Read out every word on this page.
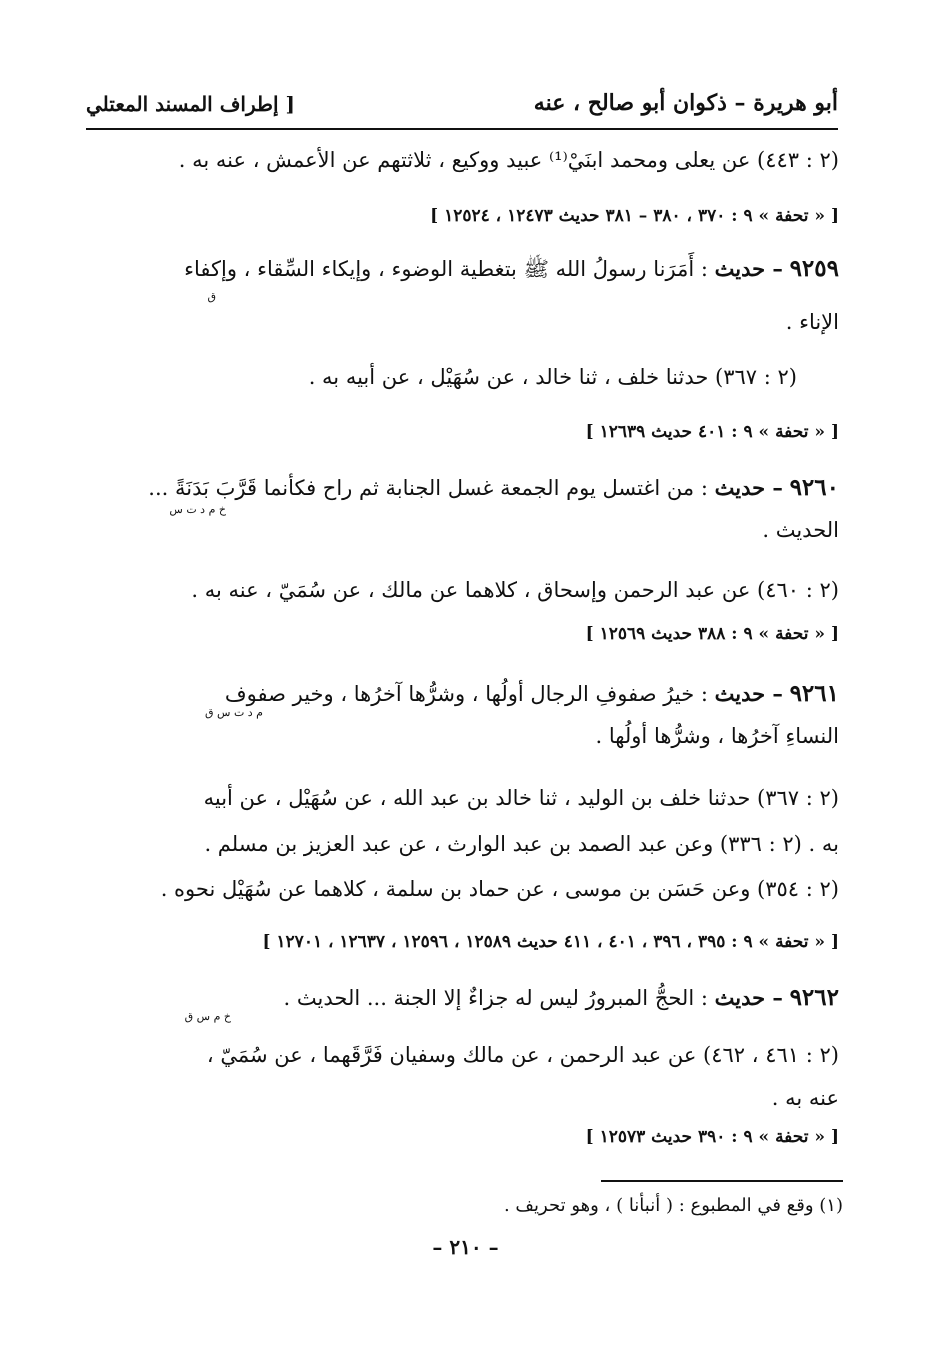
أبو هريرة – ذكوان أبو صالح ، عنه
[ إطراف المسند المعتلي
(٢ : ٤٤٣) عن يعلى ومحمد ابنَيْ⁽¹⁾ عبيد ووكيع ، ثلاثتهم عن الأعمش ، عنه به .
[ « تحفة » ٩ : ٣٧٠ ، ٣٨٠ – ٣٨١ حديث ١٢٤٧٣ ، ١٢٥٢٤ ]
٩٢٥٩ – حديث : أَمَرَنا رسولُ الله ﷺ بتغطية الوضوء ، وإيكاء السِّقاء ، وإكفاء
ق
الإناء .
(٢ : ٣٦٧) حدثنا خلف ، ثنا خالد ، عن سُهَيْل ، عن أبيه به .
[ « تحفة » ٩ : ٤٠١ حديث ١٢٦٣٩ ]
٩٢٦٠ – حديث : من اغتسل يوم الجمعة غسل الجنابة ثم راح فكأنما قَرَّبَ بَدَنَةً ...
خ م د ت س
الحديث .
(٢ : ٤٦٠) عن عبد الرحمن وإسحاق ، كلاهما عن مالك ، عن سُمَيّ ، عنه به .
[ « تحفة » ٩ : ٣٨٨ حديث ١٢٥٦٩ ]
٩٢٦١ – حديث : خيرُ صفوفِ الرجال أولُها ، وشرُّها آخرُها ، وخير صفوف
م د ت س ق
النساءِ آخرُها ، وشرُّها أولُها .
(٢ : ٣٦٧) حدثنا خلف بن الوليد ، ثنا خالد بن عبد الله ، عن سُهَيْل ، عن أبيه
به . (٢ : ٣٣٦) وعن عبد الصمد بن عبد الوارث ، عن عبد العزيز بن مسلم .
(٢ : ٣٥٤) وعن حَسَن بن موسى ، عن حماد بن سلمة ، كلاهما عن سُهَيْل نحوه .
[ « تحفة » ٩ : ٣٩٥ ، ٣٩٦ ، ٤٠١ ، ٤١١ حديث ١٢٥٨٩ ، ١٢٥٩٦ ، ١٢٦٣٧ ، ١٢٧٠١ ]
٩٢٦٢ – حديث : الحجُّ المبرورُ ليس له جزاءٌ إلا الجنة ... الحديث .
خ م س ق
(٢ : ٤٦١ ، ٤٦٢) عن عبد الرحمن ، عن مالك وسفيان فَرَّقَهما ، عن سُمَيّ ،
عنه به .
[ « تحفة » ٩ : ٣٩٠ حديث ١٢٥٧٣ ]
(١) وقع في المطبوع : ( أنبأنا ) ، وهو تحريف .
– ٢١٠ –
